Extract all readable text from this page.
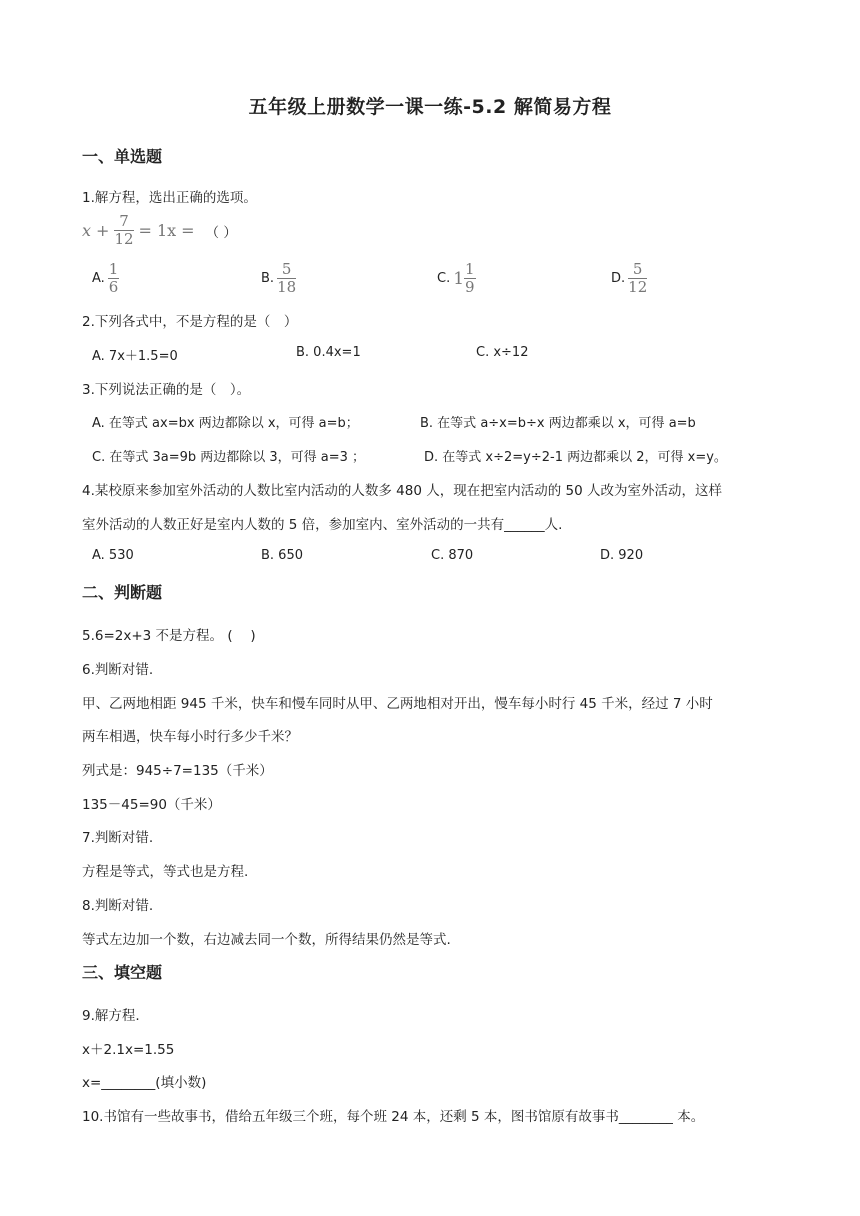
五年级上册数学一课一练-5.2 解简易方程
一、单选题
1.解方程，选出正确的选项。
$x + \frac{7}{12} = 1x$ = （ ）
A. $\frac{1}{6}$	B. $\frac{5}{18}$	C. $1 \frac{1}{9}$	D. $\frac{5}{12}$
2.下列各式中，不是方程的是（　）
A. 7x＋1.5=0	B. 0.4x=1	C. x÷12
3.下列说法正确的是（　）。
A. 在等式 ax=bx 两边都除以 x，可得 a=b；	B. 在等式 a÷x=b÷x 两边都乘以 x，可得 a=b
C. 在等式 3a=9b 两边都除以 3，可得 a=3 ；	D. 在等式 x÷2=y÷2-1 两边都乘以 2，可得 x=y。
4.某校原来参加室外活动的人数比室内活动的人数多 480 人，现在把室内活动的 50 人改为室外活动，这样
室外活动的人数正好是室内人数的 5 倍，参加室内、室外活动的一共有______人.
A. 530	B. 650	C. 870	D. 920
二、判断题
5.6=2x+3 不是方程。 (　 )
6.判断对错.
甲、乙两地相距 945 千米，快车和慢车同时从甲、乙两地相对开出，慢车每小时行 45 千米，经过 7 小时
两车相遇，快车每小时行多少千米？
列式是：945÷7=135（千米）
135－45=90（千米）
7.判断对错.
方程是等式，等式也是方程.
8.判断对错.
等式左边加一个数，右边减去同一个数，所得结果仍然是等式.
三、填空题
9.解方程.
x＋2.1x=1.55
x=________(填小数)
10.书馆有一些故事书，借给五年级三个班，每个班 24 本，还剩 5 本，图书馆原有故事书________ 本。
